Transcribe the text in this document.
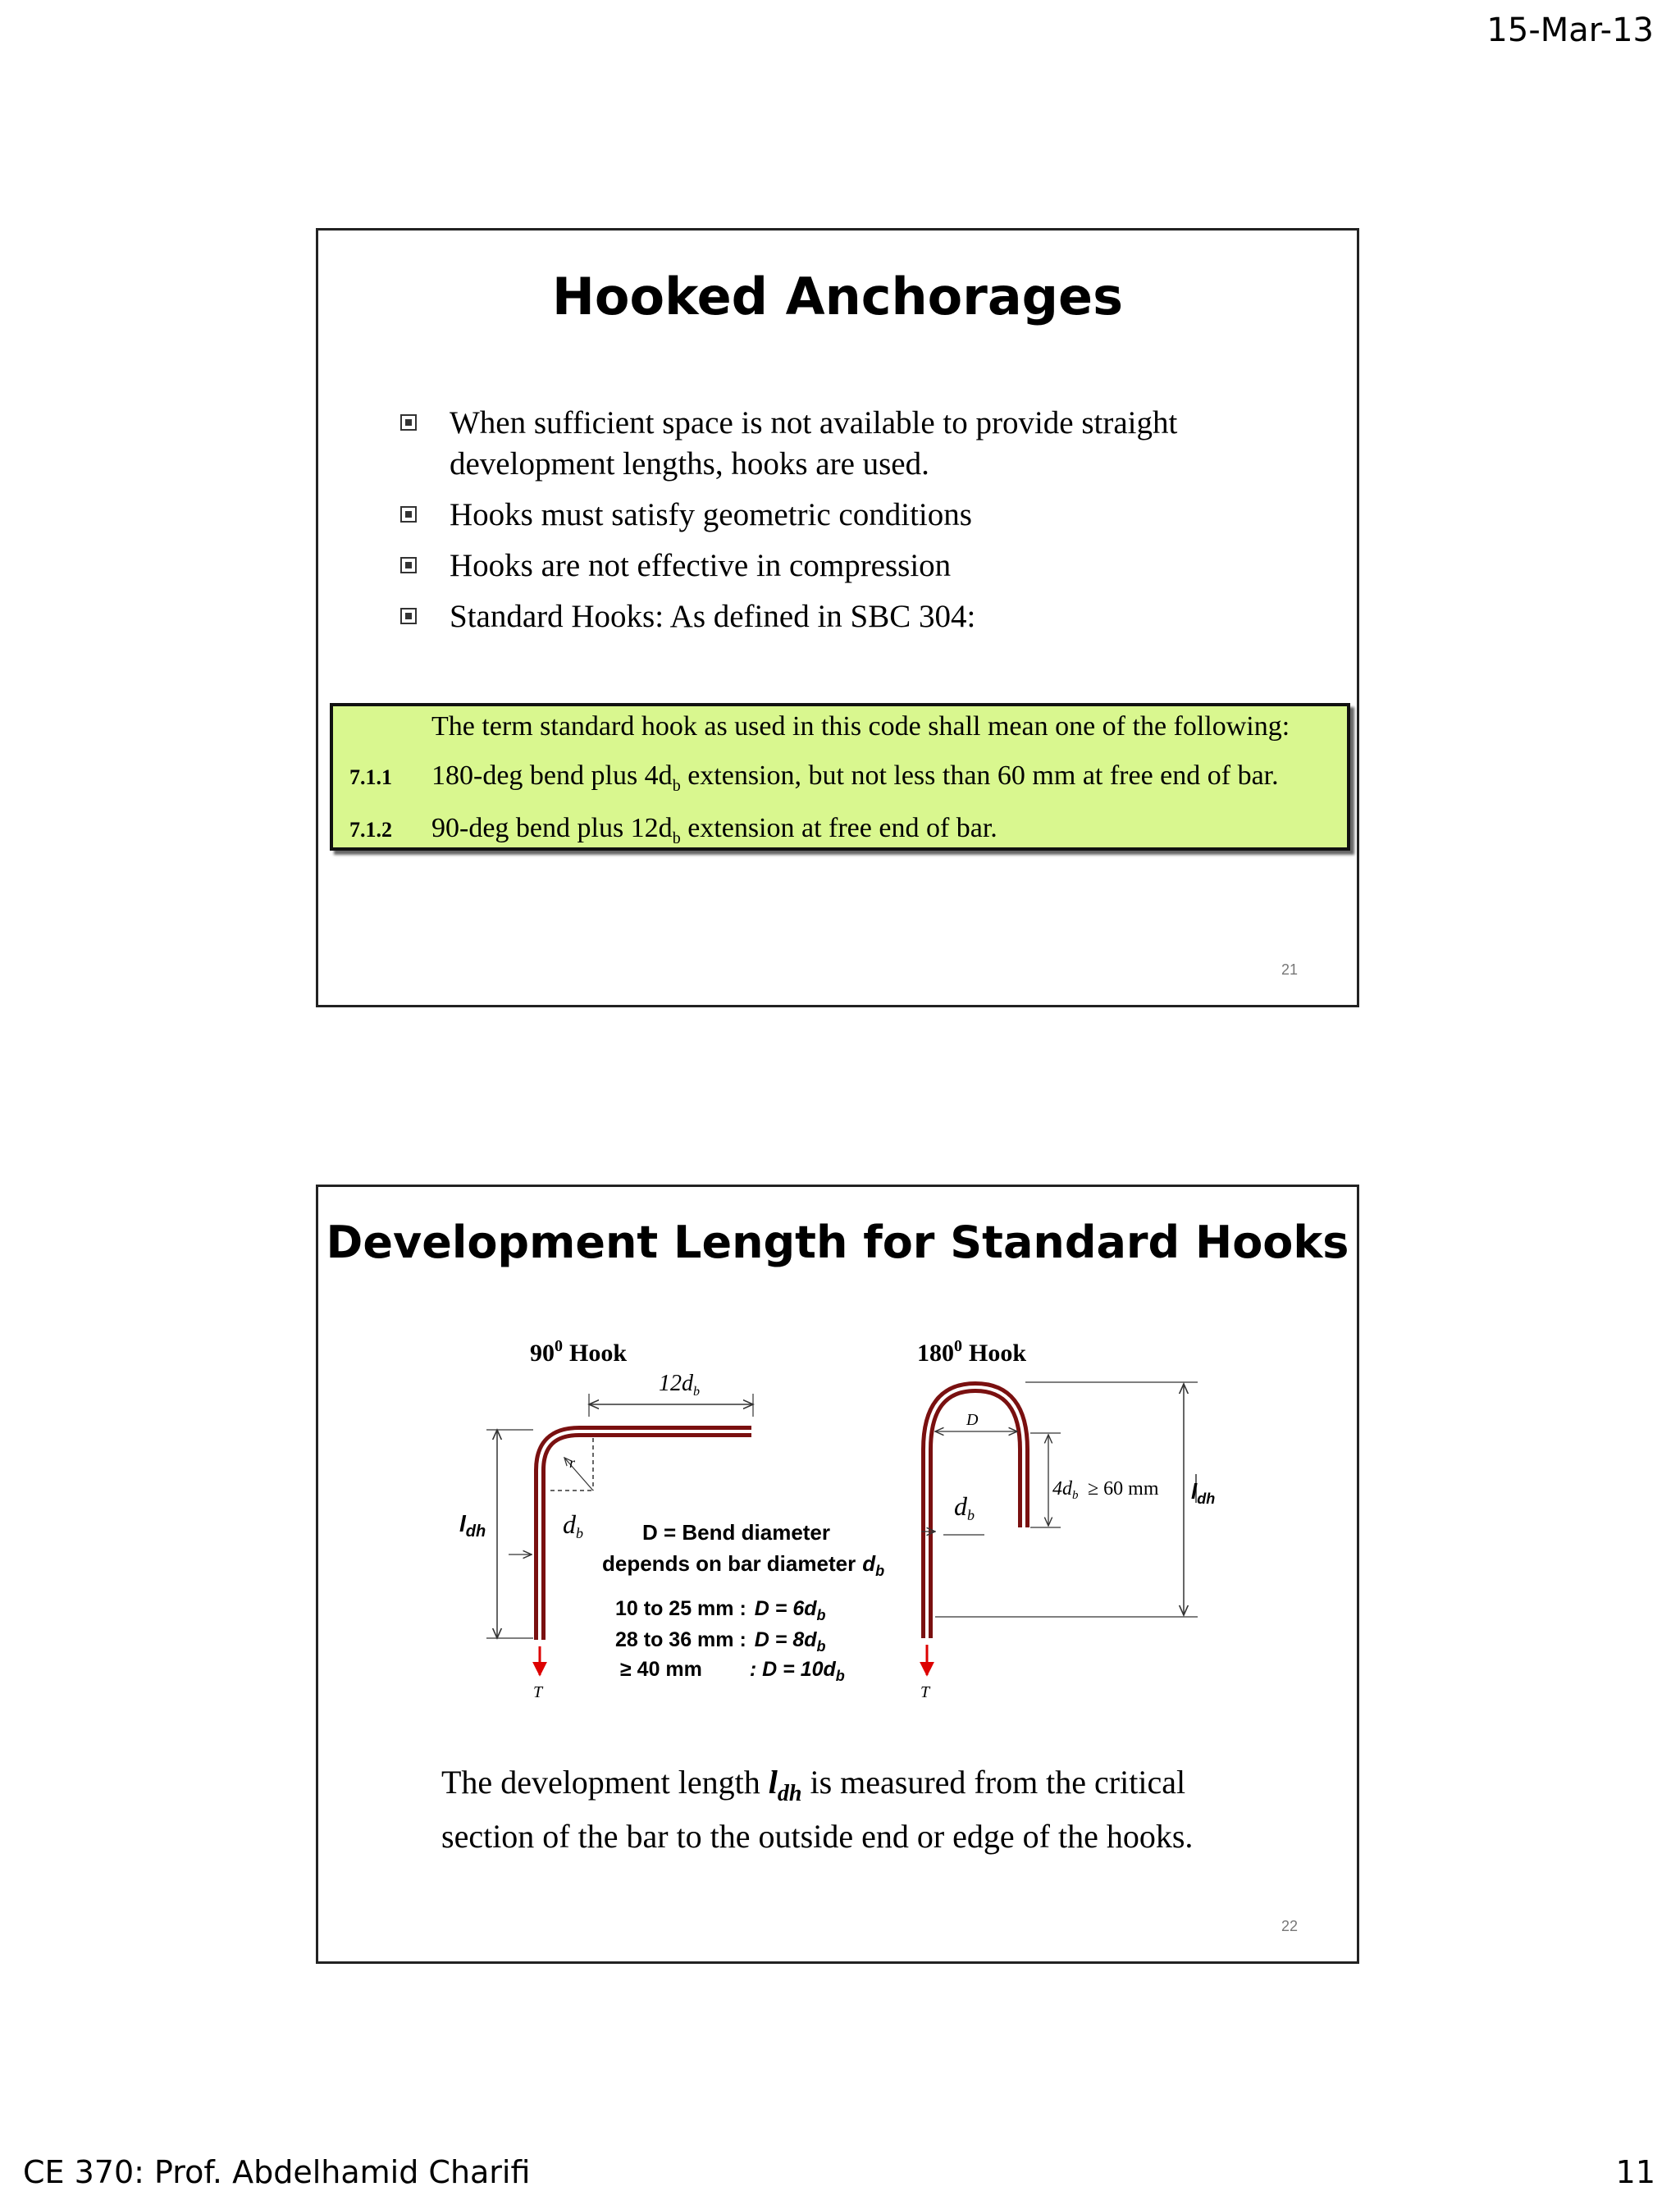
15-Mar-13
Hooked Anchorages
When sufficient space is not available to provide straight development lengths, hooks are used.
Hooks must satisfy geometric conditions
Hooks are not effective in compression
Standard Hooks: As defined in SBC 304:
The term standard hook as used in this code shall mean one of the following:
7.1.1 180-deg bend plus $4d_b$ extension, but not less than 60 mm at free end of bar.
7.1.2 90-deg bend plus $12d_b$ extension at free end of bar.
21
Development Length for Standard Hooks
$90^0$ Hook
$12d_b$
r
$l_{dh}$	db
T
$180^0$ Hook
D
$4d_b \ge 60$ mm
db
$l_{dh}$
T
D = Bend diameter
depends on bar diameter $d_b$
10 to 25 mm : $D = 6d_b$
28 to 36 mm : $D = 8d_b$
≥ 40 mm : $D = 10d_b$
The development length $l_{dh}$ is measured from the critical section of the bar to the outside end or edge of the hooks.
22
CE 370: Prof. Abdelhamid Charifi	11
